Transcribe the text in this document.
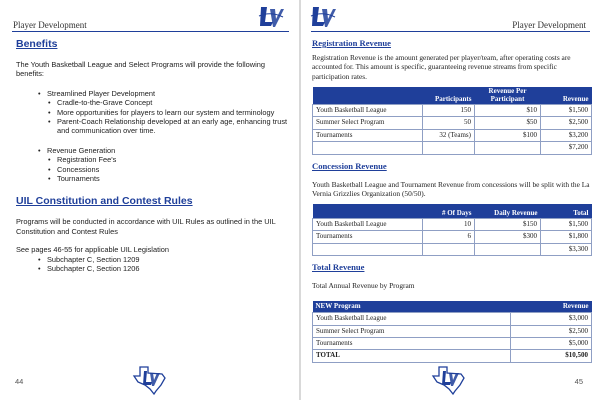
Player Development
Benefits

The Youth Basketball League and Select Programs will provide the following benefits:

• Streamlined Player Development
• Cradle-to-the-Grave Concept
• More opportunities for players to learn our system and terminology
• Parent-Coach Relationship developed at an early age, enhancing trust and communication over time.
• Revenue Generation
• Registration Fee's
• Concessions
• Tournaments
UIL Constitution and Contest Rules

Programs will be conducted in accordance with UIL Rules as outlined in the UIL Constitution and Contest Rules

See pages 46-55 for applicable UIL Legislation

• Subchapter C, Section 1209
• Subchapter C, Section 1206
44
Player Development
Registration Revenue

Registration Revenue is the amount generated per player/team, after operating costs are accounted for. This amount is specific, guaranteeing revenue streams from specific participation rates.

	Participants	Revenue Per Participant	Revenue
Youth Basketball League	150	$10	$1,500
Summer Select Program	50	$50	$2,500
Tournaments	32 (Teams)	$100	$3,200
			$7,200
Concession Revenue

Youth Basketball League and Tournament Revenue from concessions will be split with the La Vernia Grizzlies Organization (50/50).

	# Of Days	Daily Revenue	Total
Youth Basketball League	10	$150	$1,500
Tournaments	6	$300	$1,800
			$3,300
Total Revenue

Total Annual Revenue by Program

NEW Program	Revenue
Youth Basketball League	$3,000
Summer Select Program	$2,500
Tournaments	$5,000
TOTAL	$10,500
45
